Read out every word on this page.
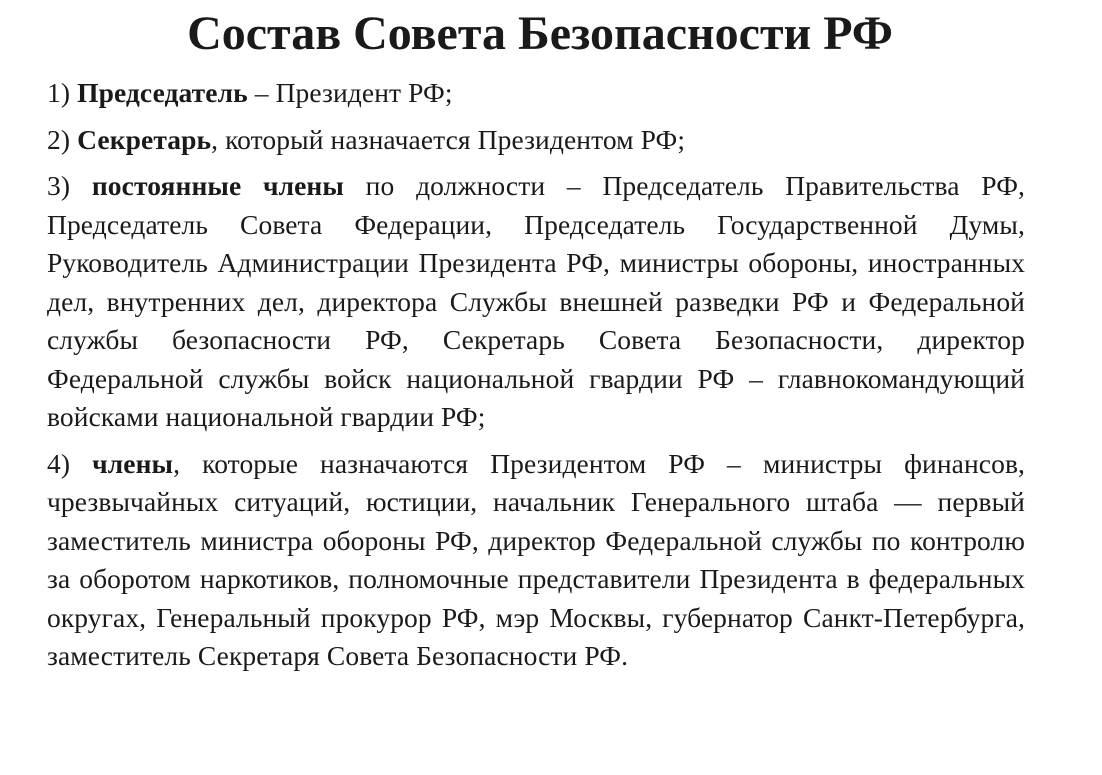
Состав Совета Безопасности РФ

1) Председатель – Президент РФ;

2) Секретарь, который назначается Президентом РФ;

3) постоянные члены по должности – Председатель Правительства РФ, Председатель Совета Федерации, Председатель Государственной Думы, Руководитель Администрации Президента РФ, министры обороны, иностранных дел, внутренних дел, директора Службы внешней разведки РФ и Федеральной службы безопасности РФ, Секретарь Совета Безопасности, директор Федеральной службы войск национальной гвардии РФ – главнокомандующий войсками национальной гвардии РФ;

4) члены, которые назначаются Президентом РФ – министры финансов, чрезвычайных ситуаций, юстиции, начальник Генерального штаба — первый заместитель министра обороны РФ, директор Федеральной службы по контролю за оборотом наркотиков, полномочные представители Президента в федеральных округах, Генеральный прокурор РФ, мэр Москвы, губернатор Санкт-Петербурга, заместитель Секретаря Совета Безопасности РФ.
